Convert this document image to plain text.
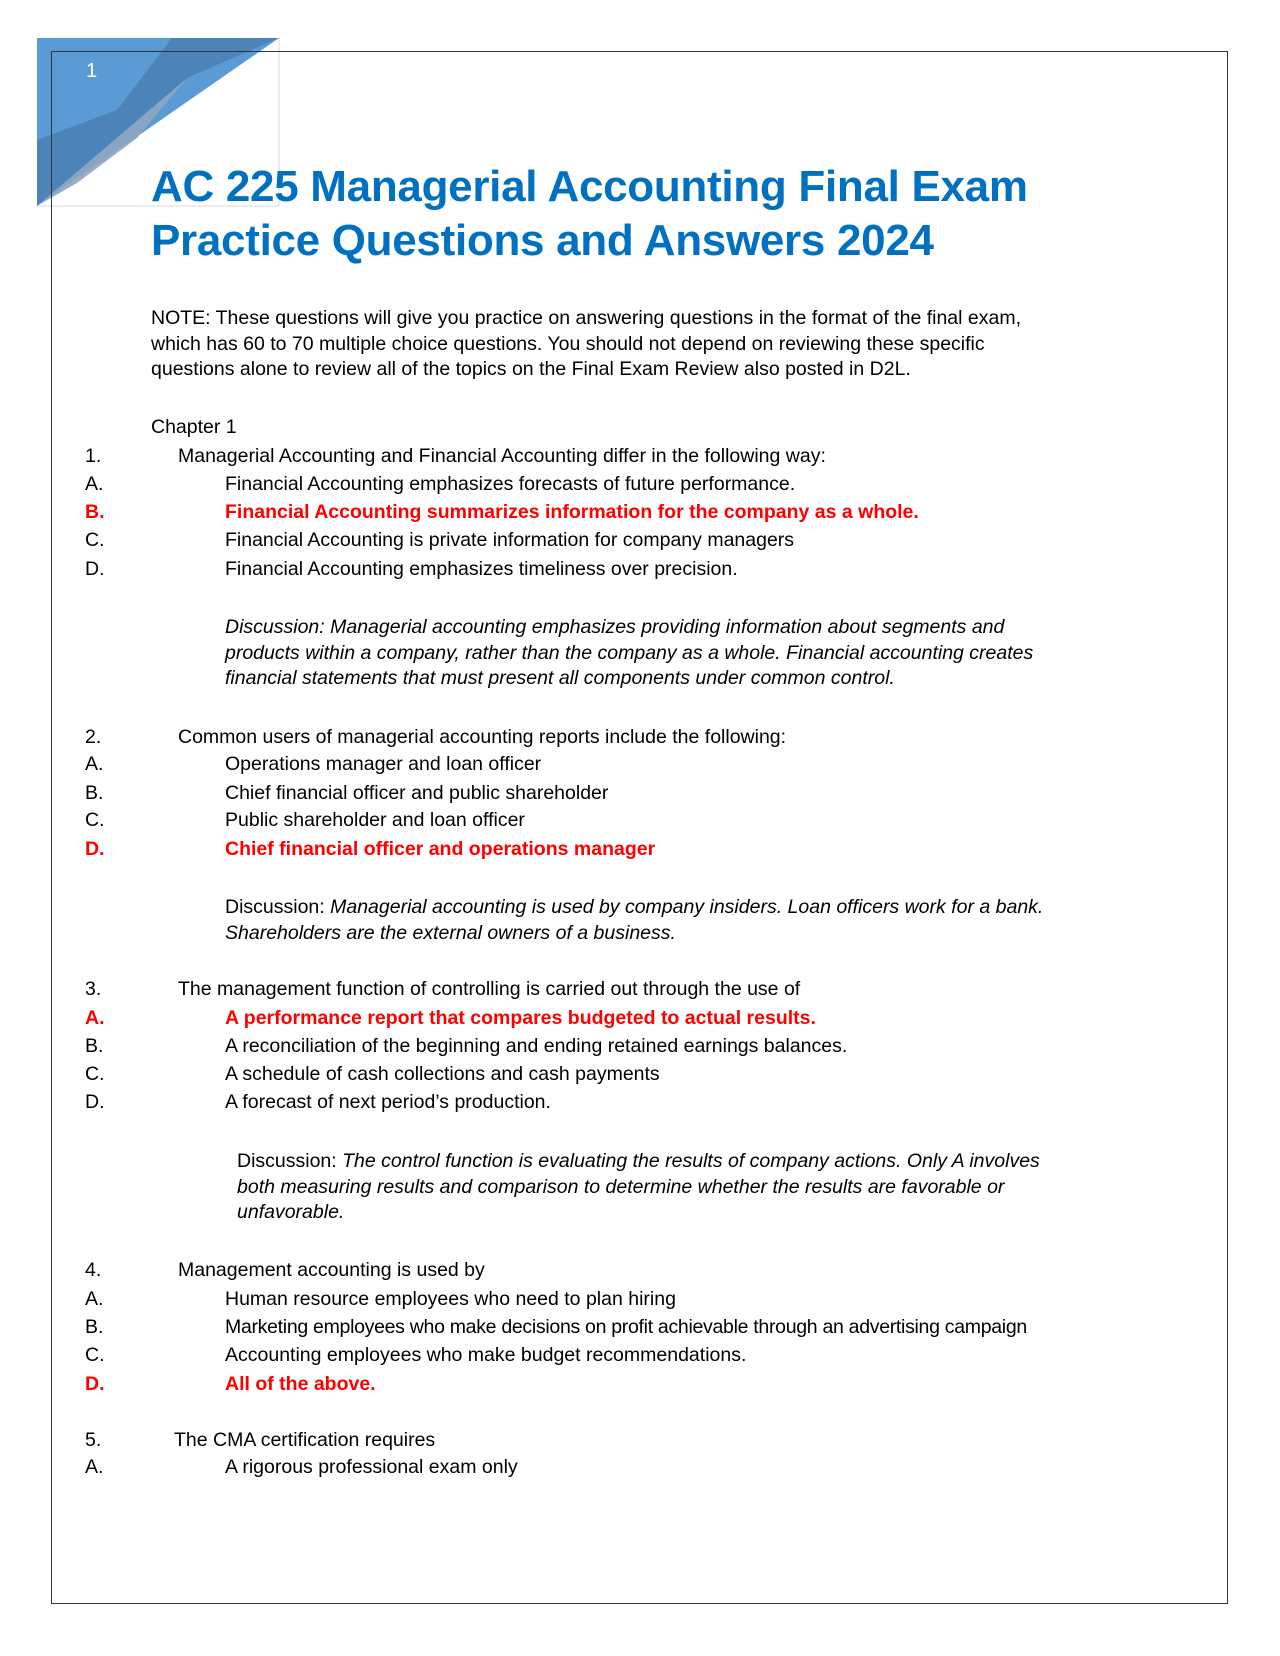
1
AC 225 Managerial Accounting Final Exam
Practice Questions and Answers 2024
NOTE: These questions will give you practice on answering questions in the format of the final exam,
which has 60 to 70 multiple choice questions. You should not depend on reviewing these specific
questions alone to review all of the topics on the Final Exam Review also posted in D2L.
Chapter 1
1.	Managerial Accounting and Financial Accounting differ in the following way:
A.	Financial Accounting emphasizes forecasts of future performance.
B.	Financial Accounting summarizes information for the company as a whole.
C.	Financial Accounting is private information for company managers
D.	Financial Accounting emphasizes timeliness over precision.
Discussion: Managerial accounting emphasizes providing information about segments and
products within a company, rather than the company as a whole. Financial accounting creates
financial statements that must present all components under common control.
2.	Common users of managerial accounting reports include the following:
A.	Operations manager and loan officer
B.	Chief financial officer and public shareholder
C.	Public shareholder and loan officer
D.	Chief financial officer and operations manager
Discussion: Managerial accounting is used by company insiders. Loan officers work for a bank.
Shareholders are the external owners of a business.
3.	The management function of controlling is carried out through the use of
A.	A performance report that compares budgeted to actual results.
B.	A reconciliation of the beginning and ending retained earnings balances.
C.	A schedule of cash collections and cash payments
D.	A forecast of next period’s production.
Discussion: The control function is evaluating the results of company actions. Only A involves
both measuring results and comparison to determine whether the results are favorable or
unfavorable.
4.	Management accounting is used by
A.	Human resource employees who need to plan hiring
B.	Marketing employees who make decisions on profit achievable through an advertising campaign
C.	Accounting employees who make budget recommendations.
D.	All of the above.
5.	The CMA certification requires
A.	A rigorous professional exam only
